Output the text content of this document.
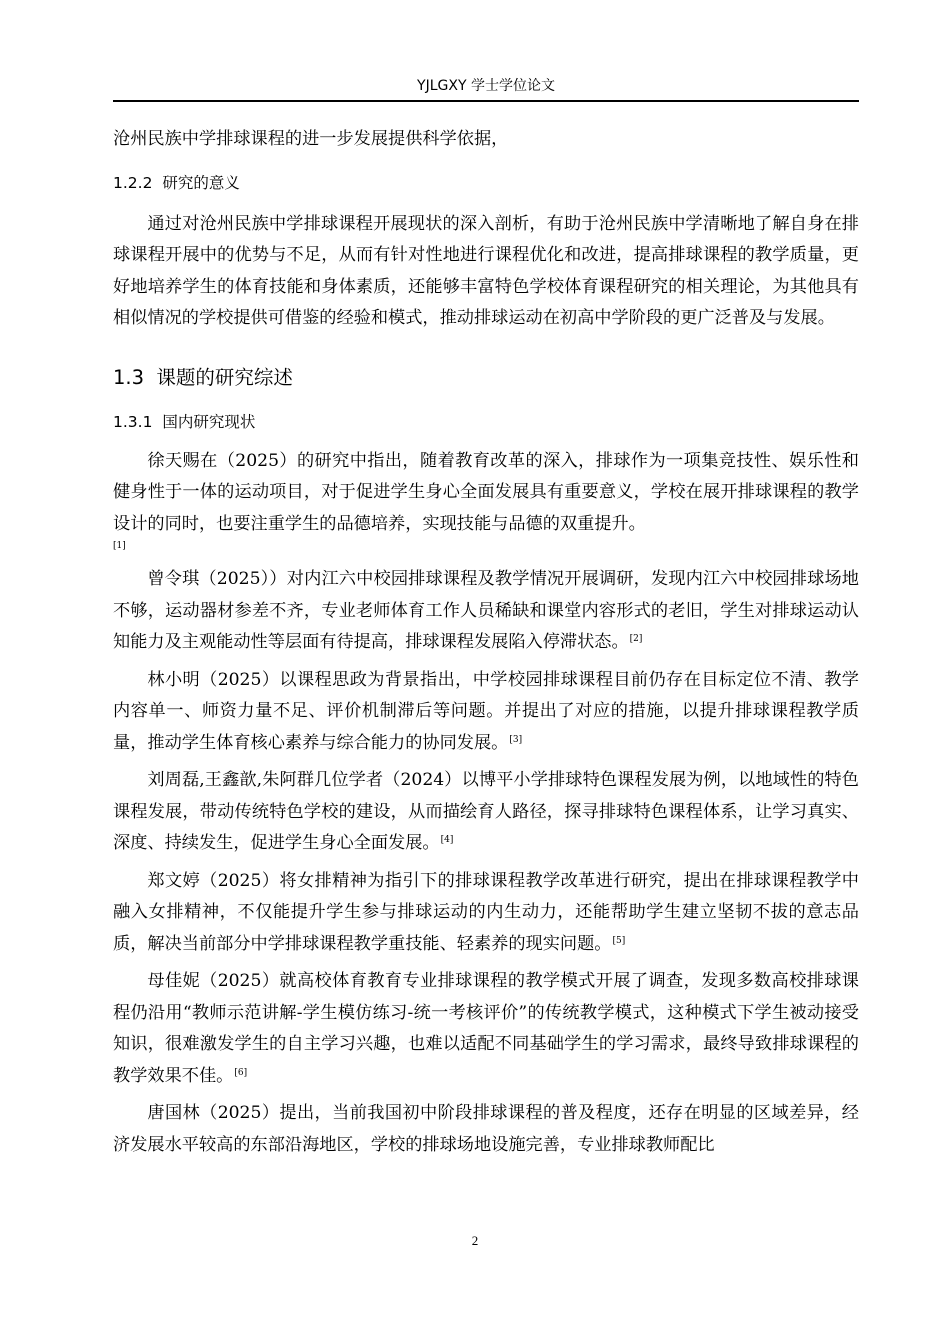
YJLGXY 学士学位论文

沧州民族中学排球课程的进一步发展提供科学依据，

1.2.2 研究的意义

通过对沧州民族中学排球课程开展现状的深入剖析，有助于沧州民族中学清晰地了解自身在排球课程开展中的优势与不足，从而有针对性地进行课程优化和改进，提高排球课程的教学质量，更好地培养学生的体育技能和身体素质，还能够丰富特色学校体育课程研究的相关理论，为其他具有相似情况的学校提供可借鉴的经验和模式，推动排球运动在初高中学阶段的更广泛普及与发展。

1.3 课题的研究综述
1.3.1 国内研究现状

徐天赐在（2025）的研究中指出，随着教育改革的深入，排球作为一项集竞技性、娱乐性和健身性于一体的运动项目，对于促进学生身心全面发展具有重要意义，学校在展开排球课程的教学设计的同时，也要注重学生的品德培养，实现技能与品德的双重提升。

[1]

曾令琪（2025））对内江六中校园排球课程及教学情况开展调研，发现内江六中校园排球场地不够，运动器材参差不齐，专业老师体育工作人员稀缺和课堂内容形式的老旧，学生对排球运动认知能力及主观能动性等层面有待提高，排球课程发展陷入停滞状态。[2]

林小明（2025）以课程思政为背景指出，中学校园排球课程目前仍存在目标定位不清、教学内容单一、师资力量不足、评价机制滞后等问题。并提出了对应的措施，以提升排球课程教学质量，推动学生体育核心素养与综合能力的协同发展。[3]

刘周磊,王鑫歆,朱阿群几位学者（2024）以博平小学排球特色课程发展为例，以地域性的特色课程发展，带动传统特色学校的建设，从而描绘育人路径，探寻排球特色课程体系，让学习真实、深度、持续发生，促进学生身心全面发展。[4]

郑文婷（2025）将女排精神为指引下的排球课程教学改革进行研究，提出在排球课程教学中融入女排精神，不仅能提升学生参与排球运动的内生动力，还能帮助学生建立坚韧不拔的意志品质，解决当前部分中学排球课程教学重技能、轻素养的现实问题。[5]

母佳妮（2025）就高校体育教育专业排球课程的教学模式开展了调查，发现多数高校排球课程仍沿用“教师示范讲解-学生模仿练习-统一考核评价”的传统教学模式，这种模式下学生被动接受知识，很难激发学生的自主学习兴趣，也难以适配不同基础学生的学习需求，最终导致排球课程的教学效果不佳。[6]

唐国林（2025）提出，当前我国初中阶段排球课程的普及程度，还存在明显的区域差异，经济发展水平较高的东部沿海地区，学校的排球场地设施完善，专业排球教师配比

2
